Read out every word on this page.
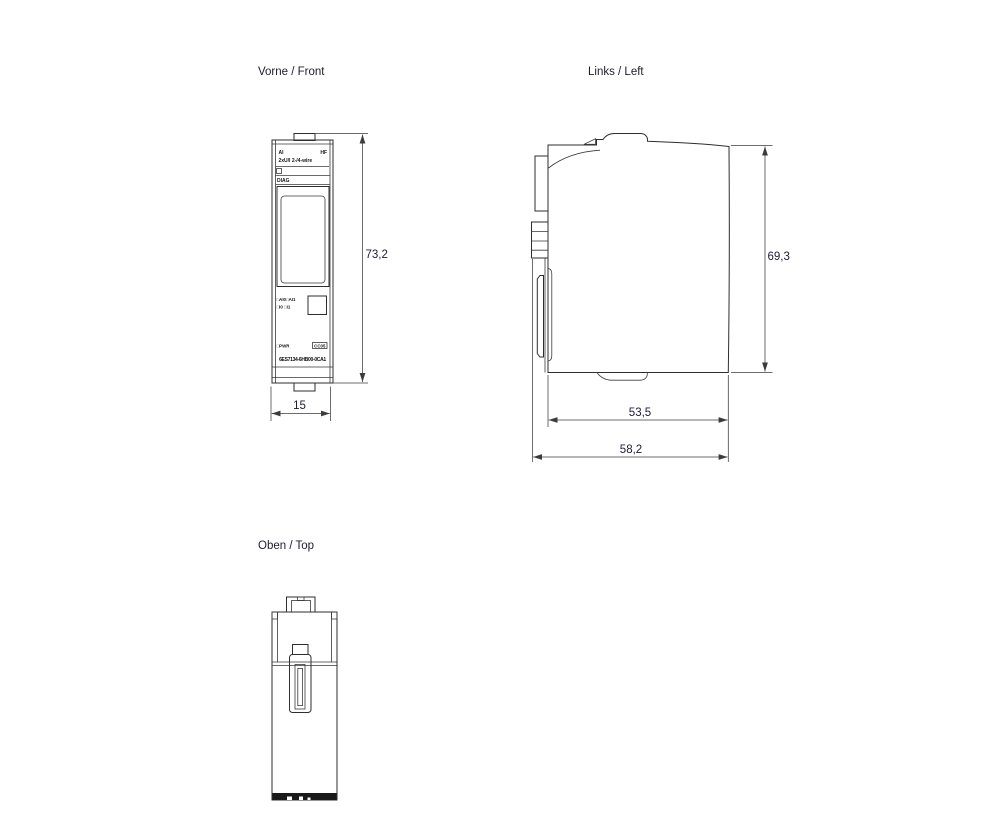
Vorne / Front
AI	HF
2xU/I 2-/4-wire
DIAG
□AI0□AI1
□I0 □I1
□PWR	CC05
6ES7134-6HB00-0CA1
73,2
15
Links / Left
69,3
53,5
58,2
Oben / Top
